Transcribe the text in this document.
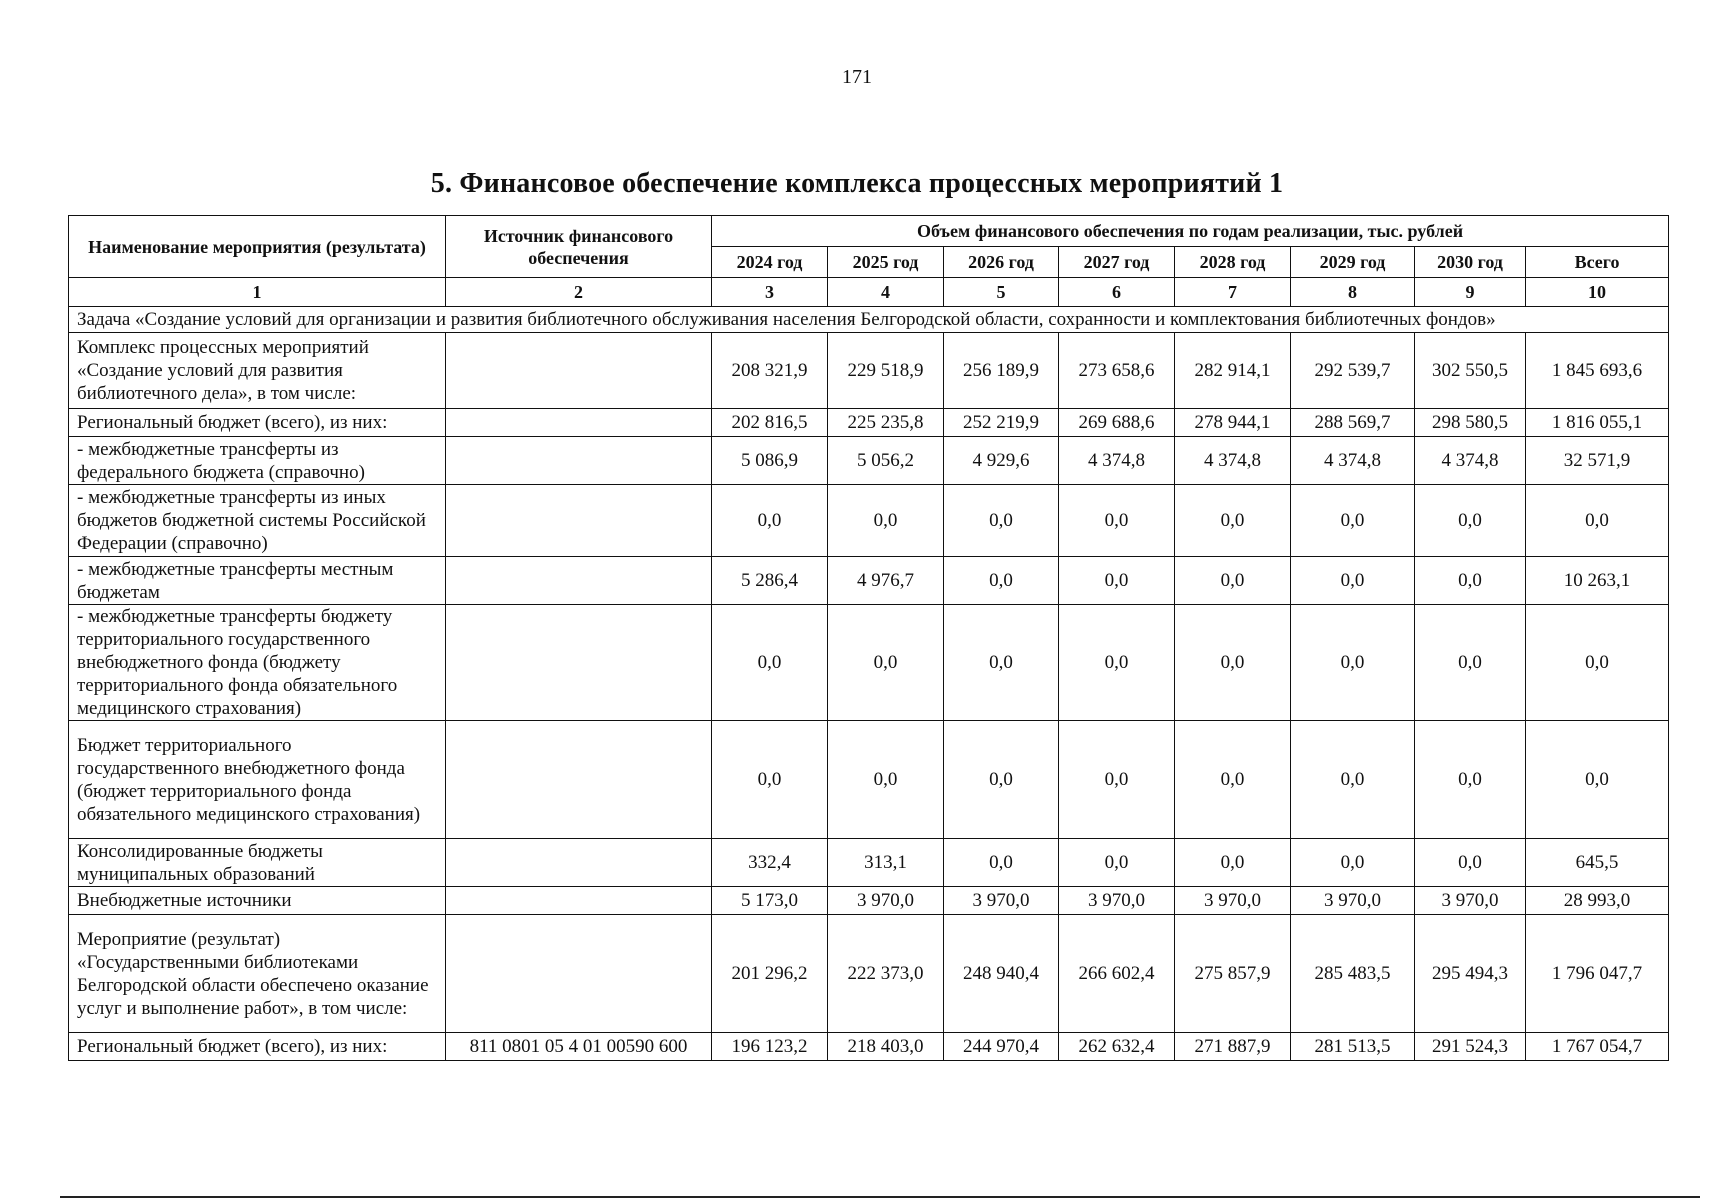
171
5. Финансовое обеспечение комплекса процессных мероприятий 1
Наименование мероприятия (результата)	Источник финансового обеспечения	Объем финансового обеспечения по годам реализации, тыс. рублей							
		2024 год	2025 год	2026 год	2027 год	2028 год	2029 год	2030 год	Всего
1	2	3	4	5	6	7	8	9	10
Задача «Создание условий для организации и развития библиотечного обслуживания населения Белгородской области, сохранности и комплектования библиотечных фондов»									
Комплекс процессных мероприятий «Создание условий для развития библиотечного дела», в том числе:		208 321,9	229 518,9	256 189,9	273 658,6	282 914,1	292 539,7	302 550,5	1 845 693,6
Региональный бюджет (всего), из них:		202 816,5	225 235,8	252 219,9	269 688,6	278 944,1	288 569,7	298 580,5	1 816 055,1
- межбюджетные трансферты из федерального бюджета (справочно)		5 086,9	5 056,2	4 929,6	4 374,8	4 374,8	4 374,8	4 374,8	32 571,9
- межбюджетные трансферты из иных бюджетов бюджетной системы Российской Федерации (справочно)		0,0	0,0	0,0	0,0	0,0	0,0	0,0	0,0
- межбюджетные трансферты местным бюджетам		5 286,4	4 976,7	0,0	0,0	0,0	0,0	0,0	10 263,1
- межбюджетные трансферты бюджету территориального государственного внебюджетного фонда (бюджету территориального фонда обязательного медицинского страхования)		0,0	0,0	0,0	0,0	0,0	0,0	0,0	0,0
Бюджет территориального государственного внебюджетного фонда (бюджет территориального фонда обязательного медицинского страхования)		0,0	0,0	0,0	0,0	0,0	0,0	0,0	0,0
Консолидированные бюджеты муниципальных образований		332,4	313,1	0,0	0,0	0,0	0,0	0,0	645,5
Внебюджетные источники		5 173,0	3 970,0	3 970,0	3 970,0	3 970,0	3 970,0	3 970,0	28 993,0
Мероприятие (результат) «Государственными библиотеками Белгородской области обеспечено оказание услуг и выполнение работ», в том числе:		201 296,2	222 373,0	248 940,4	266 602,4	275 857,9	285 483,5	295 494,3	1 796 047,7
Региональный бюджет (всего), из них:	811 0801 05 4 01 00590 600	196 123,2	218 403,0	244 970,4	262 632,4	271 887,9	281 513,5	291 524,3	1 767 054,7
